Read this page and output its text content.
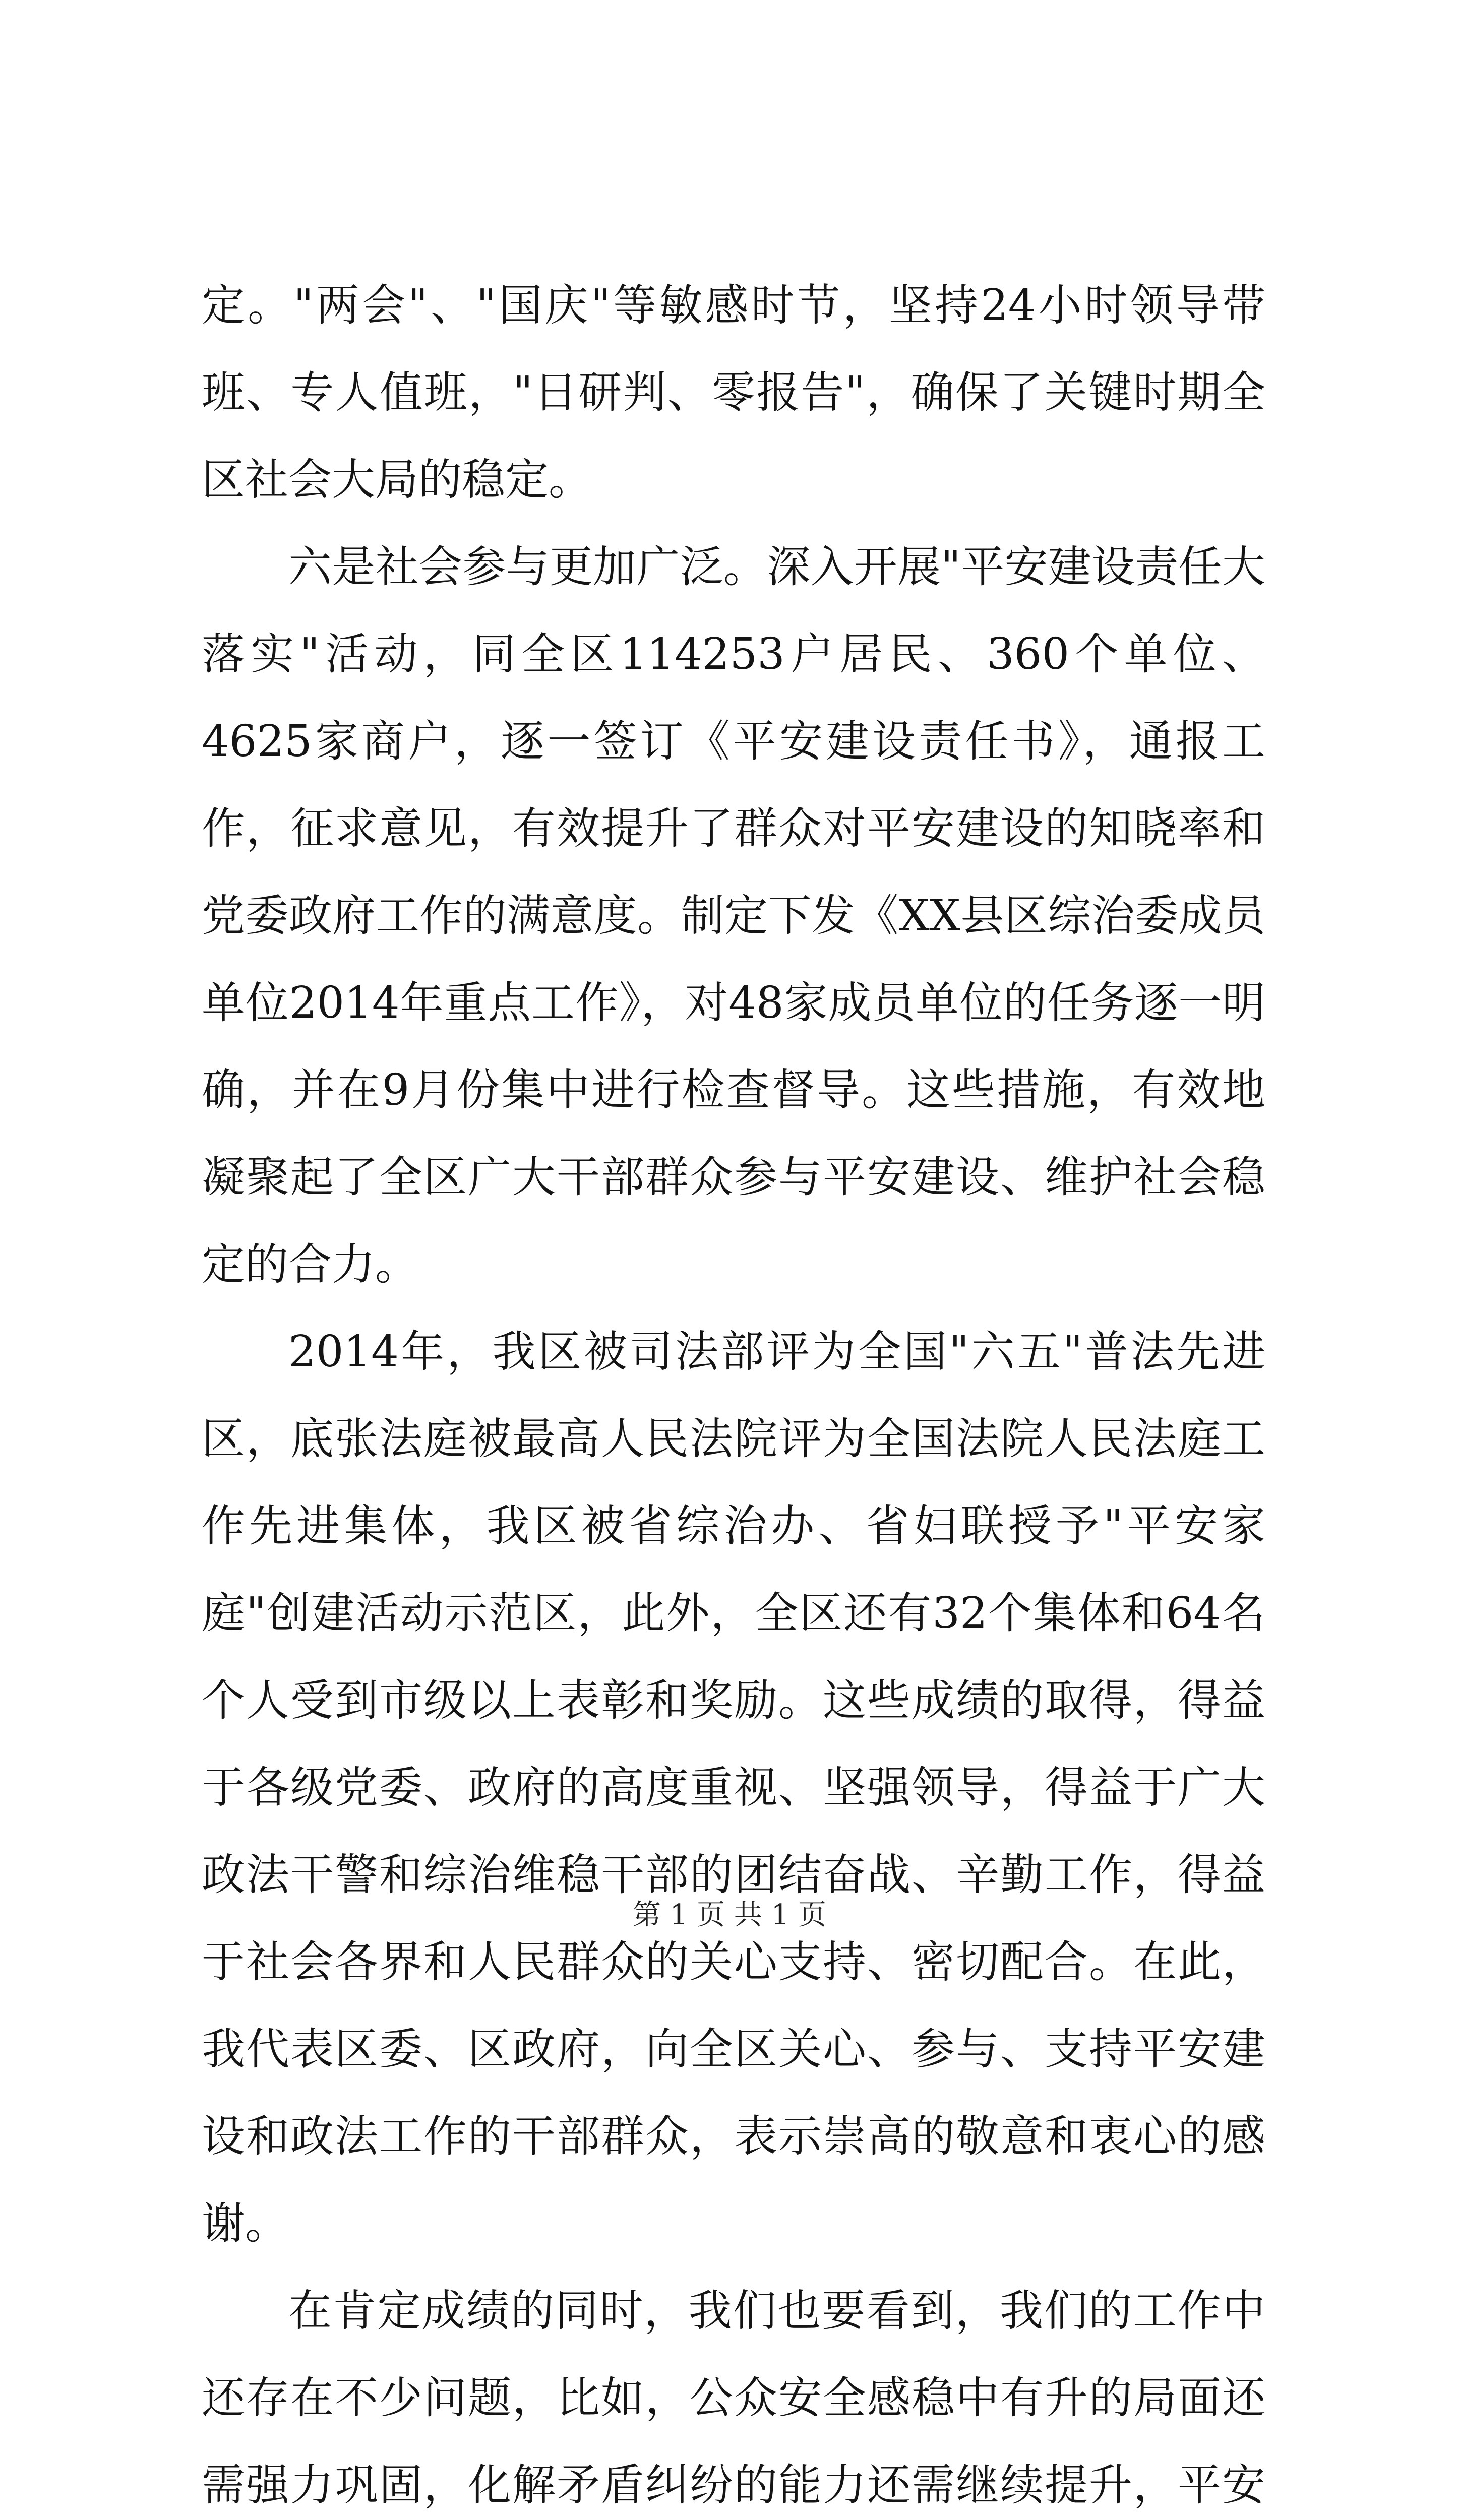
定。"两会"、"国庆"等敏感时节，坚持24小时领导带班、专人值班，"日研判、零报告"，确保了关键时期全区社会大局的稳定。

六是社会参与更加广泛。深入开展"平安建设责任大落实"活动，同全区114253户居民、360个单位、4625家商户，逐一签订《平安建设责任书》，通报工作，征求意见，有效提升了群众对平安建设的知晓率和党委政府工作的满意度。制定下发《XX县区综治委成员单位2014年重点工作》，对48家成员单位的任务逐一明确，并在9月份集中进行检查督导。这些措施，有效地凝聚起了全区广大干部群众参与平安建设、维护社会稳定的合力。

2014年，我区被司法部评为全国"六五"普法先进区，底张法庭被最高人民法院评为全国法院人民法庭工作先进集体，我区被省综治办、省妇联授予"平安家庭"创建活动示范区，此外，全区还有32个集体和64名个人受到市级以上表彰和奖励。这些成绩的取得，得益于各级党委、政府的高度重视、坚强领导，得益于广大政法干警和综治维稳干部的团结奋战、辛勤工作，得益于社会各界和人民群众的关心支持、密切配合。在此，我代表区委、区政府，向全区关心、参与、支持平安建设和政法工作的干部群众，表示崇高的敬意和衷心的感谢。

在肯定成绩的同时，我们也要看到，我们的工作中还存在不少问题，比如，公众安全感稳中有升的局面还需强力巩固，化解矛盾纠纷的能力还需继续提升，平安

第 1 页 共 1 页
